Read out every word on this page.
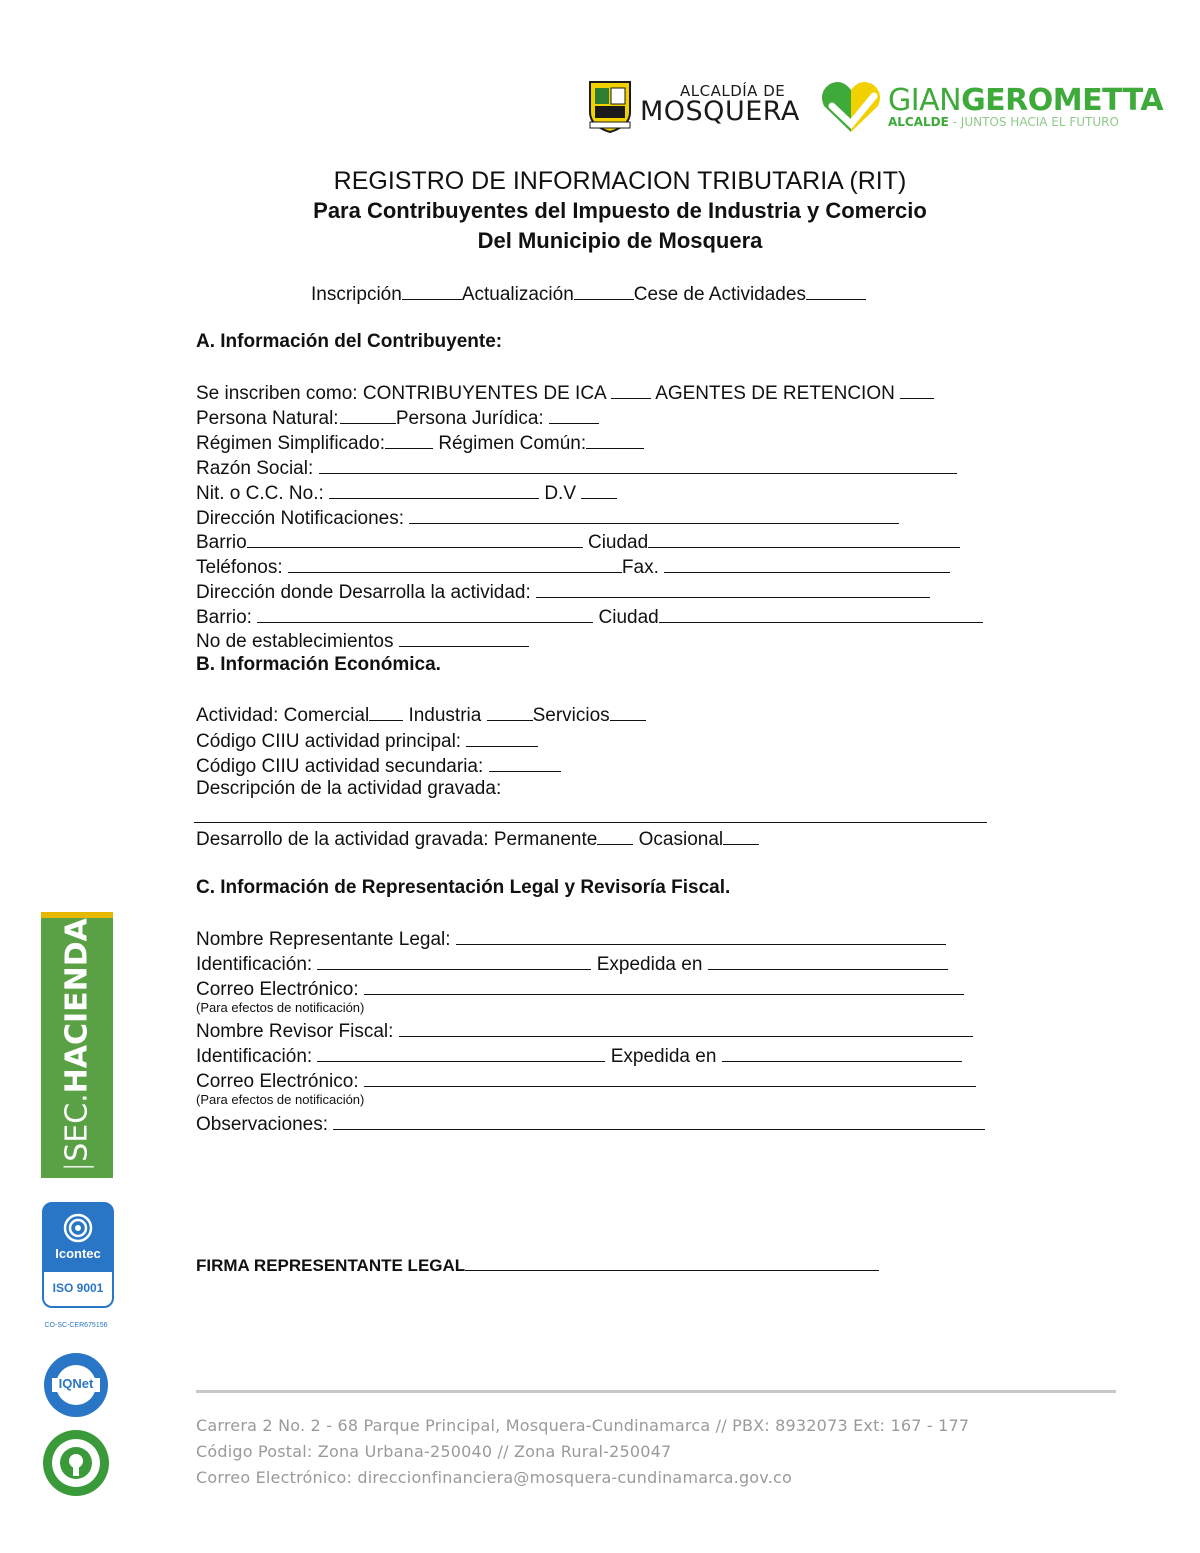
ALCALDÍA DE
MOSQUERA	GIANGEROMETTA
ALCALDE - JUNTOS HACIA EL FUTURO
REGISTRO DE INFORMACION TRIBUTARIA (RIT)
Para Contribuyentes del Impuesto de Industria y Comercio
Del Municipio de Mosquera
Inscripción	Actualización	Cese de Actividades
A. Información del Contribuyente:
Se inscriben como: CONTRIBUYENTES DE ICA	AGENTES DE RETENCION
Persona Natural:	Persona Jurídica:
Régimen Simplificado:	Régimen Común:
Razón Social:
Nit. o C.C. No.:	D.V
Dirección Notificaciones:
Barrio	Ciudad
Teléfonos:	Fax.
Dirección donde Desarrolla la actividad:
Barrio:	Ciudad
No de establecimientos
B. Información Económica.
Actividad: Comercial Industria	Servicios
Código CIIU actividad principal:
Código CIIU actividad secundaria:
Descripción de la actividad gravada:
Desarrollo de la actividad gravada: Permanente Ocasional
C. Información de Representación Legal y Revisoría Fiscal.
Nombre Representante Legal:
Identificación:	Expedida en
Correo Electrónico:
(Para efectos de notificación)
Nombre Revisor Fiscal:
Identificación:	Expedida en
Correo Electrónico:
(Para efectos de notificación)
Observaciones:
FIRMA REPRESENTANTE LEGAL
|SEC.HACIENDA
Icontec
ISO 9001
CO-SC-CER675156
IQNet
Carrera 2 No. 2 - 68 Parque Principal, Mosquera-Cundinamarca // PBX: 8932073 Ext: 167 - 177
Código Postal: Zona Urbana-250040 // Zona Rural-250047
Correo Electrónico: direccionfinanciera@mosquera-cundinamarca.gov.co
